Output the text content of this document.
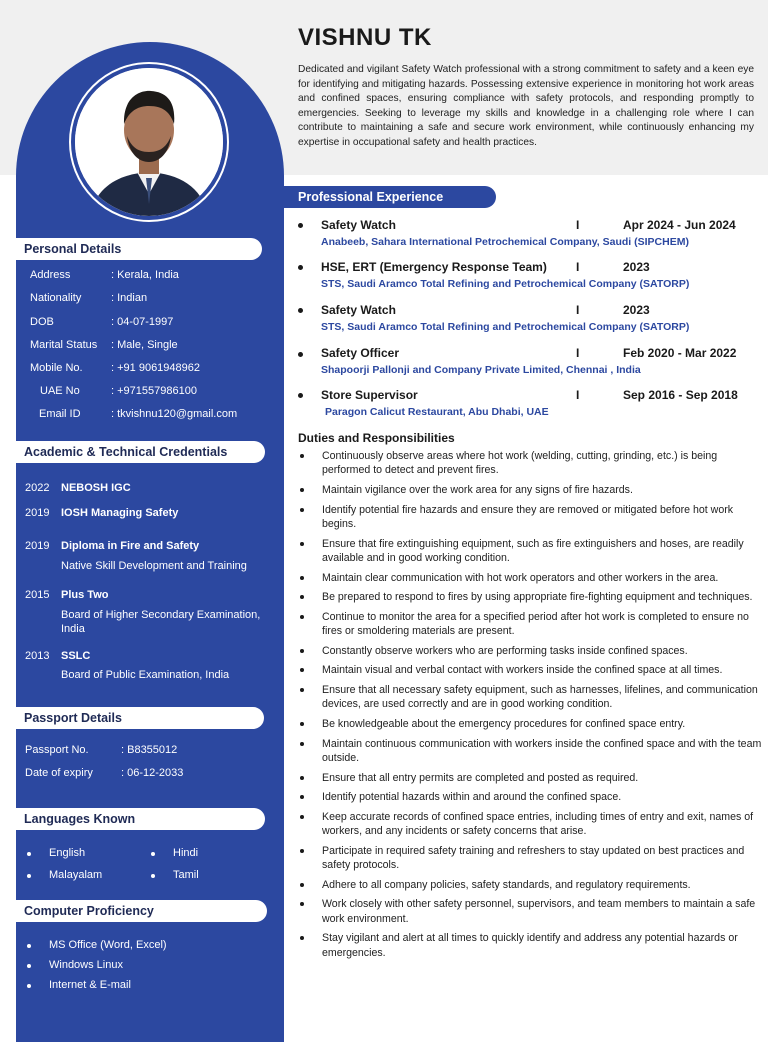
Personal Details
Address	: Kerala, India
Nationality	: Indian
DOB	: 04-07-1997
Marital Status : Male, Single
Mobile No.	: +91 9061948962
UAE No	: +971557986100
Email ID	: tkvishnu120@gmail.com
Academic & Technical Credentials
2022 NEBOSH IGC
2019 IOSH Managing Safety
2019 Diploma in Fire and Safety
Native Skill Development and Training
2015 Plus Two
Board of Higher Secondary Examination, India
2013 SSLC
Board of Public Examination, India
Passport Details
Passport No.	: B8355012
Date of expiry	: 06-12-2033
Languages Known
English	Hindi
Malayalam	Tamil
Computer Proficiency
MS Office (Word, Excel)
Windows Linux
Internet & E-mail
VISHNU TK
Dedicated and vigilant Safety Watch professional with a strong commitment to safety and a keen eye for identifying and mitigating hazards. Possessing extensive experience in monitoring hot work areas and confined spaces, ensuring compliance with safety protocols, and responding promptly to emergencies. Seeking to leverage my skills and knowledge in a challenging role where I can contribute to maintaining a safe and secure work environment, while continuously enhancing my expertise in occupational safety and health practices.
Professional Experience
Safety Watch	I	Apr 2024 - Jun 2024
Anabeeb, Sahara International Petrochemical Company, Saudi (SIPCHEM)
HSE, ERT (Emergency Response Team) I	2023
STS, Saudi Aramco Total Refining and Petrochemical Company (SATORP)
Safety Watch	I	2023
STS, Saudi Aramco Total Refining and Petrochemical Company (SATORP)
Safety Officer	I	Feb 2020 - Mar 2022
Shapoorji Pallonji and Company Private Limited, Chennai , India
Store Supervisor	I	Sep 2016 - Sep 2018
Paragon Calicut Restaurant, Abu Dhabi, UAE
Duties and Responsibilities
Continuously observe areas where hot work (welding, cutting, grinding, etc.) is being performed to detect and prevent fires.
Maintain vigilance over the work area for any signs of fire hazards.
Identify potential fire hazards and ensure they are removed or mitigated before hot work begins.
Ensure that fire extinguishing equipment, such as fire extinguishers and hoses, are readily available and in good working condition.
Maintain clear communication with hot work operators and other workers in the area.
Be prepared to respond to fires by using appropriate fire-fighting equipment and techniques.
Continue to monitor the area for a specified period after hot work is completed to ensure no fires or smoldering materials are present.
Constantly observe workers who are performing tasks inside confined spaces.
Maintain visual and verbal contact with workers inside the confined space at all times.
Ensure that all necessary safety equipment, such as harnesses, lifelines, and communication devices, are used correctly and are in good working condition.
Be knowledgeable about the emergency procedures for confined space entry.
Maintain continuous communication with workers inside the confined space and with the team outside.
Ensure that all entry permits are completed and posted as required.
Identify potential hazards within and around the confined space.
Keep accurate records of confined space entries, including times of entry and exit, names of workers, and any incidents or safety concerns that arise.
Participate in required safety training and refreshers to stay updated on best practices and safety protocols.
Adhere to all company policies, safety standards, and regulatory requirements.
Work closely with other safety personnel, supervisors, and team members to maintain a safe work environment.
Stay vigilant and alert at all times to quickly identify and address any potential hazards or emergencies.
